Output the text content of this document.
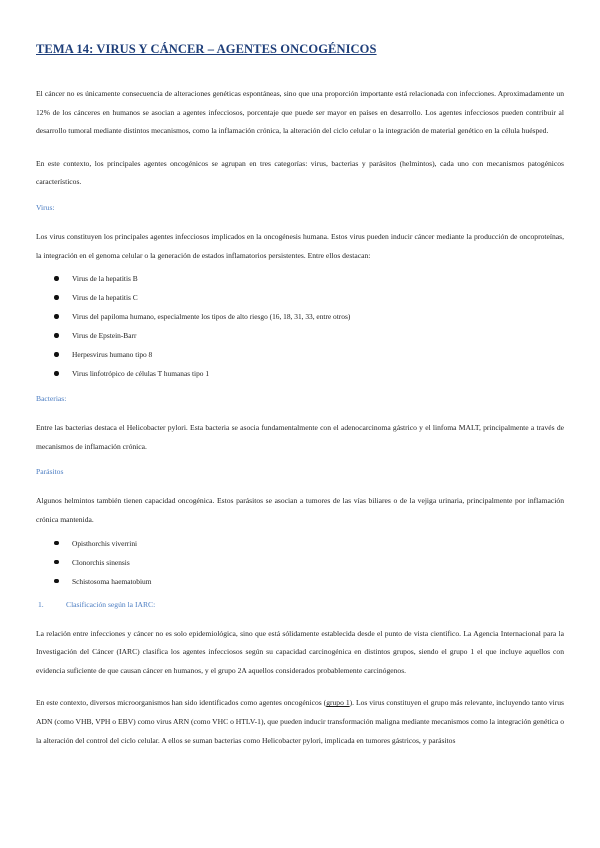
TEMA 14: VIRUS Y CÁNCER – AGENTES ONCOGÉNICOS

El cáncer no es únicamente consecuencia de alteraciones genéticas espontáneas, sino que una proporción importante está relacionada con infecciones. Aproximadamente un 12% de los cánceres en humanos se asocian a agentes infecciosos, porcentaje que puede ser mayor en países en desarrollo. Los agentes infecciosos pueden contribuir al desarrollo tumoral mediante distintos mecanismos, como la inflamación crónica, la alteración del ciclo celular o la integración de material genético en la célula huésped.

En este contexto, los principales agentes oncogénicos se agrupan en tres categorías: virus, bacterias y parásitos (helmintos), cada uno con mecanismos patogénicos característicos.

Virus:

Los virus constituyen los principales agentes infecciosos implicados en la oncogénesis humana. Estos virus pueden inducir cáncer mediante la producción de oncoproteínas, la integración en el genoma celular o la generación de estados inflamatorios persistentes. Entre ellos destacan:

Virus de la hepatitis B
Virus de la hepatitis C
Virus del papiloma humano, especialmente los tipos de alto riesgo (16, 18, 31, 33, entre otros)
Virus de Epstein-Barr
Herpesvirus humano tipo 8
Virus linfotrópico de células T humanas tipo 1
Bacterias:

Entre las bacterias destaca el Helicobacter pylori. Esta bacteria se asocia fundamentalmente con el adenocarcinoma gástrico y el linfoma MALT, principalmente a través de mecanismos de inflamación crónica.

Parásitos

Algunos helmintos también tienen capacidad oncogénica. Estos parásitos se asocian a tumores de las vías biliares o de la vejiga urinaria, principalmente por inflamación crónica mantenida.

Opisthorchis viverrini
Clonorchis sinensis
Schistosoma haematobium
1.	Clasificación según la IARC:

La relación entre infecciones y cáncer no es solo epidemiológica, sino que está sólidamente establecida desde el punto de vista científico. La Agencia Internacional para la Investigación del Cáncer (IARC) clasifica los agentes infecciosos según su capacidad carcinogénica en distintos grupos, siendo el grupo 1 el que incluye aquellos con evidencia suficiente de que causan cáncer en humanos, y el grupo 2A aquellos considerados probablemente carcinógenos.

En este contexto, diversos microorganismos han sido identificados como agentes oncogénicos (grupo 1). Los virus constituyen el grupo más relevante, incluyendo tanto virus ADN (como VHB, VPH o EBV) como virus ARN (como VHC o HTLV-1), que pueden inducir transformación maligna mediante mecanismos como la integración genética o la alteración del control del ciclo celular. A ellos se suman bacterias como Helicobacter pylori, implicada en tumores gástricos, y parásitos
